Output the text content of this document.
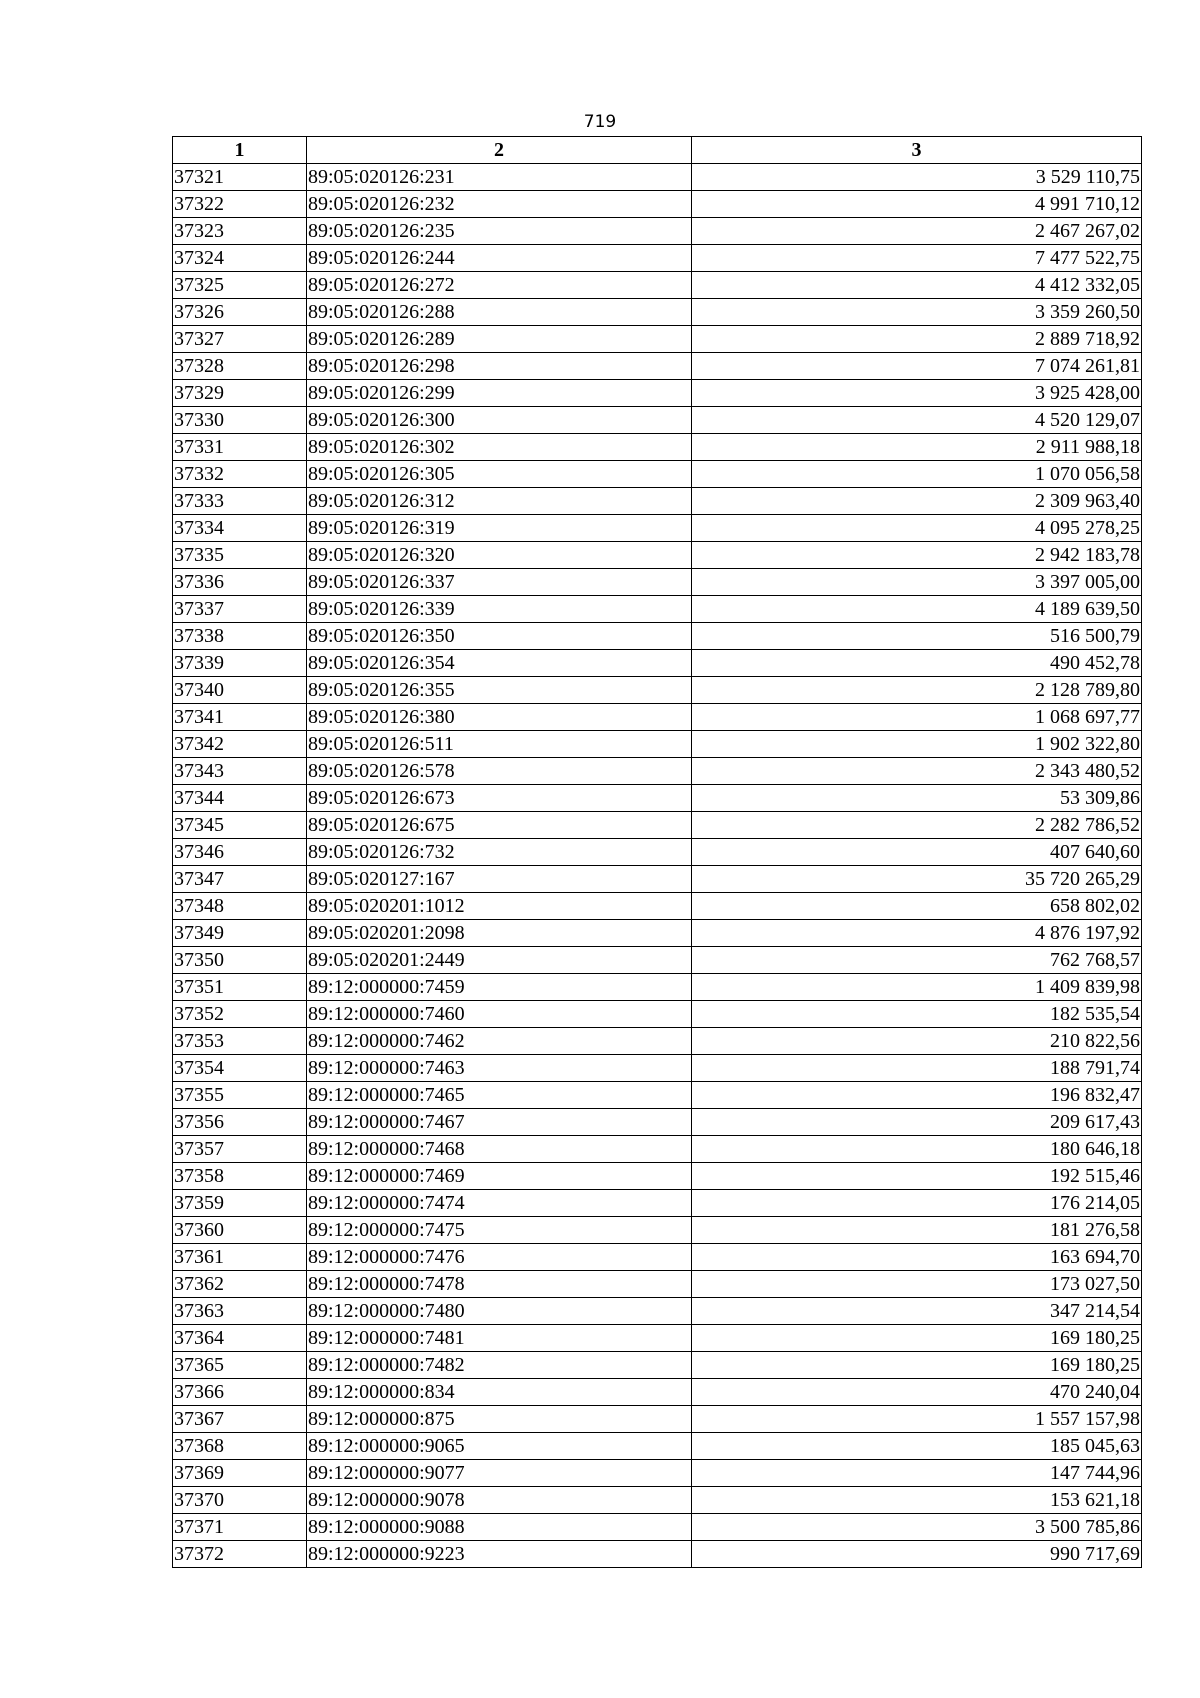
719
1	2	3
37321	89:05:020126:231	3 529 110,75
37322	89:05:020126:232	4 991 710,12
37323	89:05:020126:235	2 467 267,02
37324	89:05:020126:244	7 477 522,75
37325	89:05:020126:272	4 412 332,05
37326	89:05:020126:288	3 359 260,50
37327	89:05:020126:289	2 889 718,92
37328	89:05:020126:298	7 074 261,81
37329	89:05:020126:299	3 925 428,00
37330	89:05:020126:300	4 520 129,07
37331	89:05:020126:302	2 911 988,18
37332	89:05:020126:305	1 070 056,58
37333	89:05:020126:312	2 309 963,40
37334	89:05:020126:319	4 095 278,25
37335	89:05:020126:320	2 942 183,78
37336	89:05:020126:337	3 397 005,00
37337	89:05:020126:339	4 189 639,50
37338	89:05:020126:350	516 500,79
37339	89:05:020126:354	490 452,78
37340	89:05:020126:355	2 128 789,80
37341	89:05:020126:380	1 068 697,77
37342	89:05:020126:511	1 902 322,80
37343	89:05:020126:578	2 343 480,52
37344	89:05:020126:673	53 309,86
37345	89:05:020126:675	2 282 786,52
37346	89:05:020126:732	407 640,60
37347	89:05:020127:167	35 720 265,29
37348	89:05:020201:1012	658 802,02
37349	89:05:020201:2098	4 876 197,92
37350	89:05:020201:2449	762 768,57
37351	89:12:000000:7459	1 409 839,98
37352	89:12:000000:7460	182 535,54
37353	89:12:000000:7462	210 822,56
37354	89:12:000000:7463	188 791,74
37355	89:12:000000:7465	196 832,47
37356	89:12:000000:7467	209 617,43
37357	89:12:000000:7468	180 646,18
37358	89:12:000000:7469	192 515,46
37359	89:12:000000:7474	176 214,05
37360	89:12:000000:7475	181 276,58
37361	89:12:000000:7476	163 694,70
37362	89:12:000000:7478	173 027,50
37363	89:12:000000:7480	347 214,54
37364	89:12:000000:7481	169 180,25
37365	89:12:000000:7482	169 180,25
37366	89:12:000000:834	470 240,04
37367	89:12:000000:875	1 557 157,98
37368	89:12:000000:9065	185 045,63
37369	89:12:000000:9077	147 744,96
37370	89:12:000000:9078	153 621,18
37371	89:12:000000:9088	3 500 785,86
37372	89:12:000000:9223	990 717,69
